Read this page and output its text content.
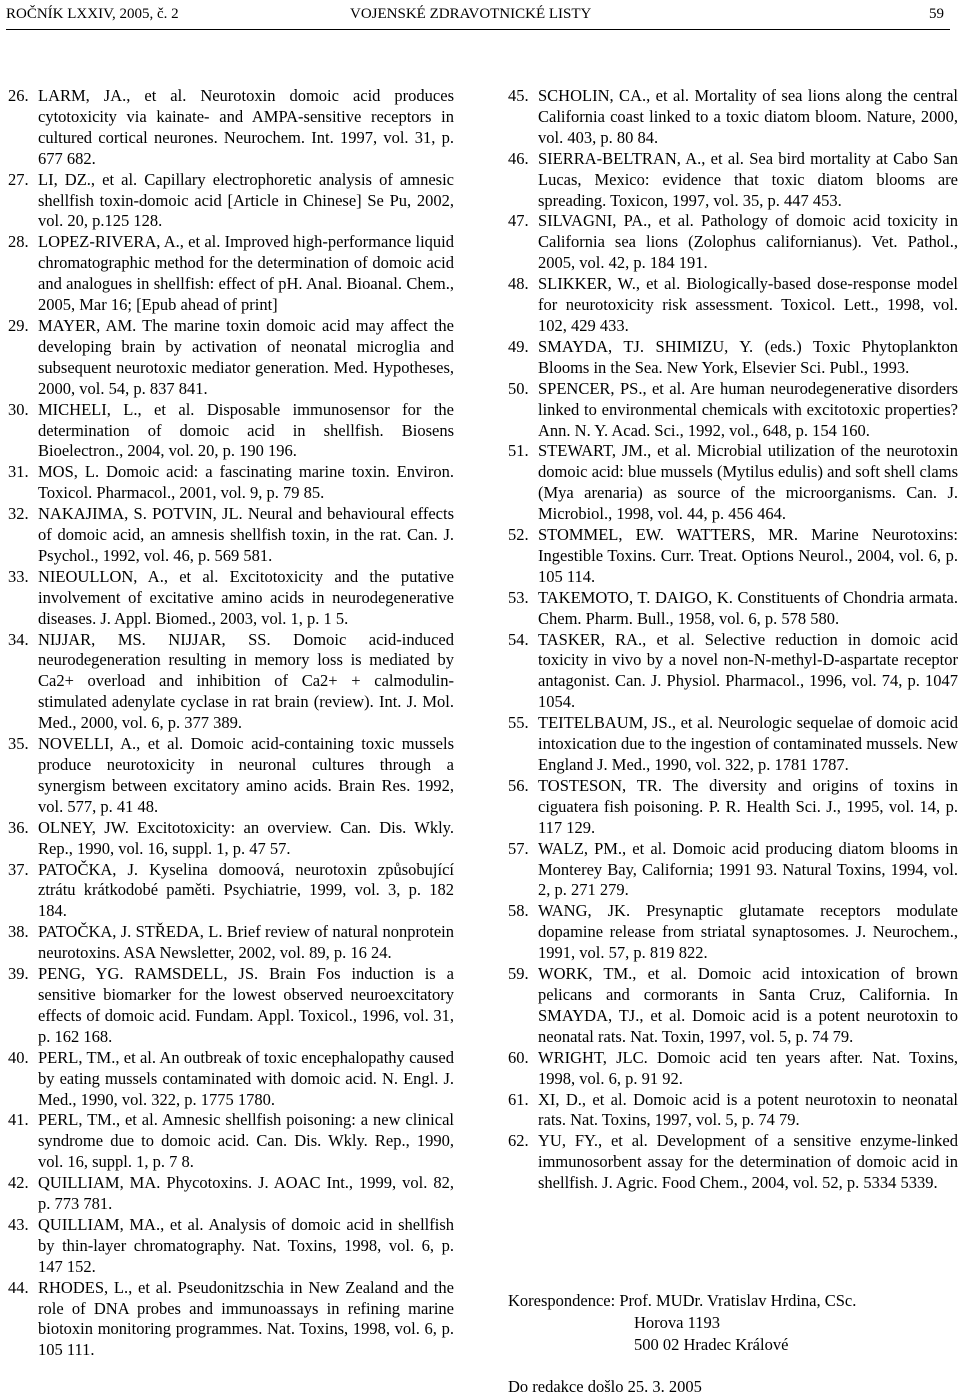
ROČNÍK LXXIV, 2005, č. 2	VOJENSKÉ ZDRAVOTNICKÉ LISTY	59
26. LARM, JA., et al. Neurotoxin domoic acid produces cytotoxicity via kainate- and AMPA-sensitive receptors in cultured cortical neurones. Neurochem. Int. 1997, vol. 31, p. 677 682.
27. LI, DZ., et al. Capillary electrophoretic analysis of amnesic shellfish toxin-domoic acid [Article in Chinese] Se Pu, 2002, vol. 20, p.125 128.
28. LOPEZ-RIVERA, A., et al. Improved high-performance liquid chromatographic method for the determination of domoic acid and analogues in shellfish: effect of pH. Anal. Bioanal. Chem., 2005, Mar 16; [Epub ahead of print]
29. MAYER, AM. The marine toxin domoic acid may affect the developing brain by activation of neonatal microglia and subsequent neurotoxic mediator generation. Med. Hypotheses, 2000, vol. 54, p. 837 841.
30. MICHELI, L., et al. Disposable immunosensor for the determination of domoic acid in shellfish. Biosens Bioelectron., 2004, vol. 20, p. 190 196.
31. MOS, L. Domoic acid: a fascinating marine toxin. Environ. Toxicol. Pharmacol., 2001, vol. 9, p. 79 85.
32. NAKAJIMA, S. POTVIN, JL. Neural and behavioural effects of domoic acid, an amnesis shellfish toxin, in the rat. Can. J. Psychol., 1992, vol. 46, p. 569 581.
33. NIEOULLON, A., et al. Excitotoxicity and the putative involvement of excitative amino acids in neurodegenerative diseases. J. Appl. Biomed., 2003, vol. 1, p. 1 5.
34. NIJJAR, MS. NIJJAR, SS. Domoic acid-induced neurodegeneration resulting in memory loss is mediated by Ca2+ overload and inhibition of Ca2+ + calmodulin-stimulated adenylate cyclase in rat brain (review). Int. J. Mol. Med., 2000, vol. 6, p. 377 389.
35. NOVELLI, A., et al. Domoic acid-containing toxic mussels produce neurotoxicity in neuronal cultures through a synergism between excitatory amino acids. Brain Res. 1992, vol. 577, p. 41 48.
36. OLNEY, JW. Excitotoxicity: an overview. Can. Dis. Wkly. Rep., 1990, vol. 16, suppl. 1, p. 47 57.
37. PATOČKA, J. Kyselina domoová, neurotoxin způsobující ztrátu krátkodobé paměti. Psychiatrie, 1999, vol. 3, p. 182 184.
38. PATOČKA, J. STŘEDA, L. Brief review of natural nonprotein neurotoxins. ASA Newsletter, 2002, vol. 89, p. 16 24.
39. PENG, YG. RAMSDELL, JS. Brain Fos induction is a sensitive biomarker for the lowest observed neuroexcitatory effects of domoic acid. Fundam. Appl. Toxicol., 1996, vol. 31, p. 162 168.
40. PERL, TM., et al. An outbreak of toxic encephalopathy caused by eating mussels contaminated with domoic acid. N. Engl. J. Med., 1990, vol. 322, p. 1775 1780.
41. PERL, TM., et al. Amnesic shellfish poisoning: a new clinical syndrome due to domoic acid. Can. Dis. Wkly. Rep., 1990, vol. 16, suppl. 1, p. 7 8.
42. QUILLIAM, MA. Phycotoxins. J. AOAC Int., 1999, vol. 82, p. 773 781.
43. QUILLIAM, MA., et al. Analysis of domoic acid in shellfish by thin-layer chromatography. Nat. Toxins, 1998, vol. 6, p. 147 152.
44. RHODES, L., et al. Pseudonitzschia in New Zealand and the role of DNA probes and immunoassays in refining marine biotoxin monitoring programmes. Nat. Toxins, 1998, vol. 6, p. 105 111.
45. SCHOLIN, CA., et al. Mortality of sea lions along the central California coast linked to a toxic diatom bloom. Nature, 2000, vol. 403, p. 80 84.
46. SIERRA-BELTRAN, A., et al. Sea bird mortality at Cabo San Lucas, Mexico: evidence that toxic diatom blooms are spreading. Toxicon, 1997, vol. 35, p. 447 453.
47. SILVAGNI, PA., et al. Pathology of domoic acid toxicity in California sea lions (Zolophus californianus). Vet. Pathol., 2005, vol. 42, p. 184 191.
48. SLIKKER, W., et al. Biologically-based dose-response model for neurotoxicity risk assessment. Toxicol. Lett., 1998, vol. 102, 429 433.
49. SMAYDA, TJ. SHIMIZU, Y. (eds.) Toxic Phytoplankton Blooms in the Sea. New York, Elsevier Sci. Publ., 1993.
50. SPENCER, PS., et al. Are human neurodegenerative disorders linked to environmental chemicals with excitotoxic properties? Ann. N. Y. Acad. Sci., 1992, vol., 648, p. 154 160.
51. STEWART, JM., et al. Microbial utilization of the neurotoxin domoic acid: blue mussels (Mytilus edulis) and soft shell clams (Mya arenaria) as source of the microorganisms. Can. J. Microbiol., 1998, vol. 44, p. 456 464.
52. STOMMEL, EW. WATTERS, MR. Marine Neurotoxins: Ingestible Toxins. Curr. Treat. Options Neurol., 2004, vol. 6, p. 105 114.
53. TAKEMOTO, T. DAIGO, K. Constituents of Chondria armata. Chem. Pharm. Bull., 1958, vol. 6, p. 578 580.
54. TASKER, RA., et al. Selective reduction in domoic acid toxicity in vivo by a novel non-N-methyl-D-aspartate receptor antagonist. Can. J. Physiol. Pharmacol., 1996, vol. 74, p. 1047 1054.
55. TEITELBAUM, JS., et al. Neurologic sequelae of domoic acid intoxication due to the ingestion of contaminated mussels. New England J. Med., 1990, vol. 322, p. 1781 1787.
56. TOSTESON, TR. The diversity and origins of toxins in ciguatera fish poisoning. P. R. Health Sci. J., 1995, vol. 14, p. 117 129.
57. WALZ, PM., et al. Domoic acid producing diatom blooms in Monterey Bay, California; 1991 93. Natural Toxins, 1994, vol. 2, p. 271 279.
58. WANG, JK. Presynaptic glutamate receptors modulate dopamine release from striatal synaptosomes. J. Neurochem., 1991, vol. 57, p. 819 822.
59. WORK, TM., et al. Domoic acid intoxication of brown pelicans and cormorants in Santa Cruz, California. In SMAYDA, TJ., et al. Domoic acid is a potent neurotoxin to neonatal rats. Nat. Toxin, 1997, vol. 5, p. 74 79.
60. WRIGHT, JLC. Domoic acid ten years after. Nat. Toxins, 1998, vol. 6, p. 91 92.
61. XI, D., et al. Domoic acid is a potent neurotoxin to neonatal rats. Nat. Toxins, 1997, vol. 5, p. 74 79.
62. YU, FY., et al. Development of a sensitive enzyme-linked immunosorbent assay for the determination of domoic acid in shellfish. J. Agric. Food Chem., 2004, vol. 52, p. 5334 5339.
Korespondence: Prof. MUDr. Vratislav Hrdina, CSc.
Horova 1193
500 02 Hradec Králové
Do redakce došlo 25. 3. 2005
